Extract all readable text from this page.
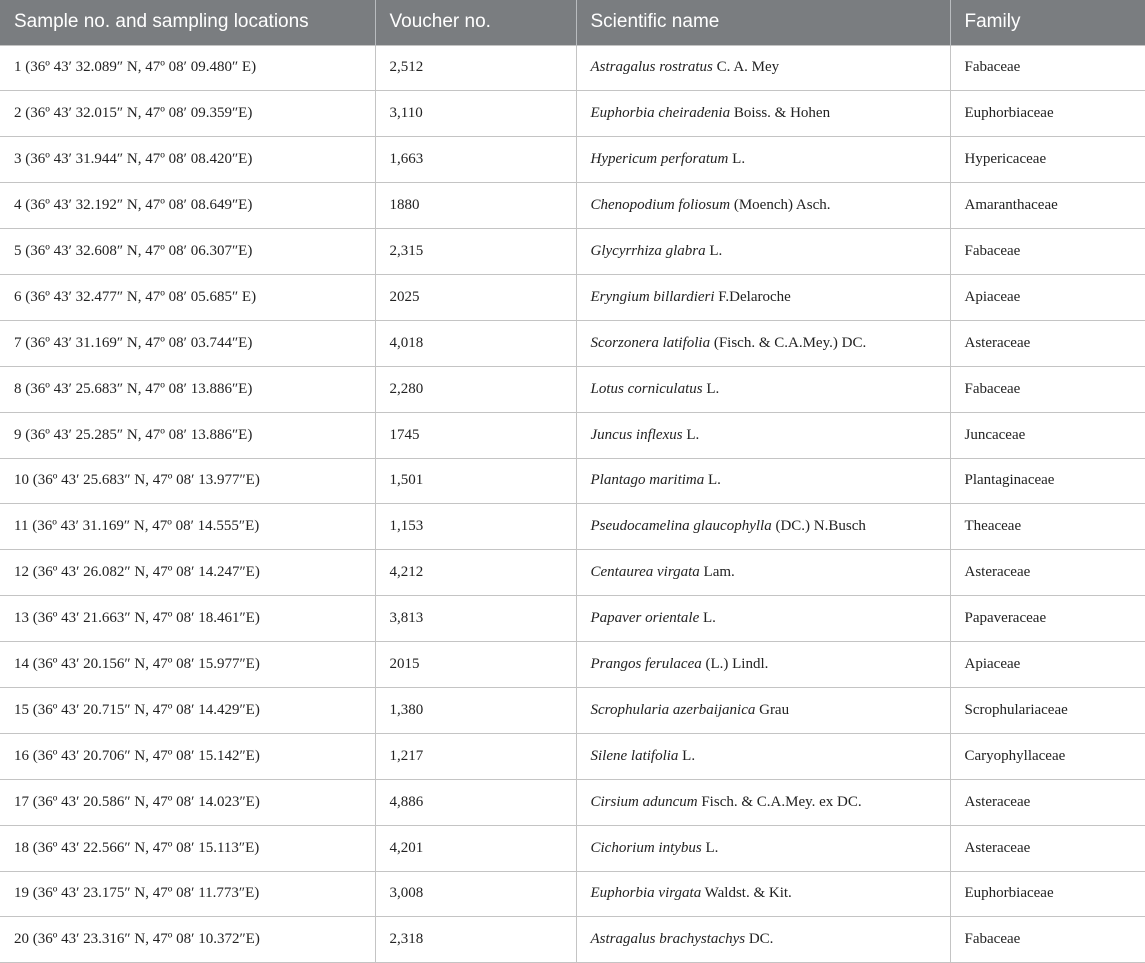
Sample no. and sampling locations	Voucher no.	Scientific name	Family
1 (36º 43′ 32.089″ N, 47º 08′ 09.480″ E)	2,512	Astragalus rostratus C. A. Mey	Fabaceae
2 (36º 43′ 32.015″ N, 47º 08′ 09.359″E)	3,110	Euphorbia cheiradenia Boiss. & Hohen	Euphorbiaceae
3 (36º 43′ 31.944″ N, 47º 08′ 08.420″E)	1,663	Hypericum perforatum L.	Hypericaceae
4 (36º 43′ 32.192″ N, 47º 08′ 08.649″E)	1880	Chenopodium foliosum (Moench) Asch.	Amaranthaceae
5 (36º 43′ 32.608″ N, 47º 08′ 06.307″E)	2,315	Glycyrrhiza glabra L.	Fabaceae
6 (36º 43′ 32.477″ N, 47º 08′ 05.685″ E)	2025	Eryngium billardieri F.Delaroche	Apiaceae
7 (36º 43′ 31.169″ N, 47º 08′ 03.744″E)	4,018	Scorzonera latifolia (Fisch. & C.A.Mey.) DC.	Asteraceae
8 (36º 43′ 25.683″ N, 47º 08′ 13.886″E)	2,280	Lotus corniculatus L.	Fabaceae
9 (36º 43′ 25.285″ N, 47º 08′ 13.886″E)	1745	Juncus inflexus L.	Juncaceae
10 (36º 43′ 25.683″ N, 47º 08′ 13.977″E)	1,501	Plantago maritima L.	Plantaginaceae
11 (36º 43′ 31.169″ N, 47º 08′ 14.555″E)	1,153	Pseudocamelina glaucophylla (DC.) N.Busch	Theaceae
12 (36º 43′ 26.082″ N, 47º 08′ 14.247″E)	4,212	Centaurea virgata Lam.	Asteraceae
13 (36º 43′ 21.663″ N, 47º 08′ 18.461″E)	3,813	Papaver orientale L.	Papaveraceae
14 (36º 43′ 20.156″ N, 47º 08′ 15.977″E)	2015	Prangos ferulacea (L.) Lindl.	Apiaceae
15 (36º 43′ 20.715″ N, 47º 08′ 14.429″E)	1,380	Scrophularia azerbaijanica Grau	Scrophulariaceae
16 (36º 43′ 20.706″ N, 47º 08′ 15.142″E)	1,217	Silene latifolia L.	Caryophyllaceae
17 (36º 43′ 20.586″ N, 47º 08′ 14.023″E)	4,886	Cirsium aduncum Fisch. & C.A.Mey. ex DC.	Asteraceae
18 (36º 43′ 22.566″ N, 47º 08′ 15.113″E)	4,201	Cichorium intybus L.	Asteraceae
19 (36º 43′ 23.175″ N, 47º 08′ 11.773″E)	3,008	Euphorbia virgata Waldst. & Kit.	Euphorbiaceae
20 (36º 43′ 23.316″ N, 47º 08′ 10.372″E)	2,318	Astragalus brachystachys DC.	Fabaceae
